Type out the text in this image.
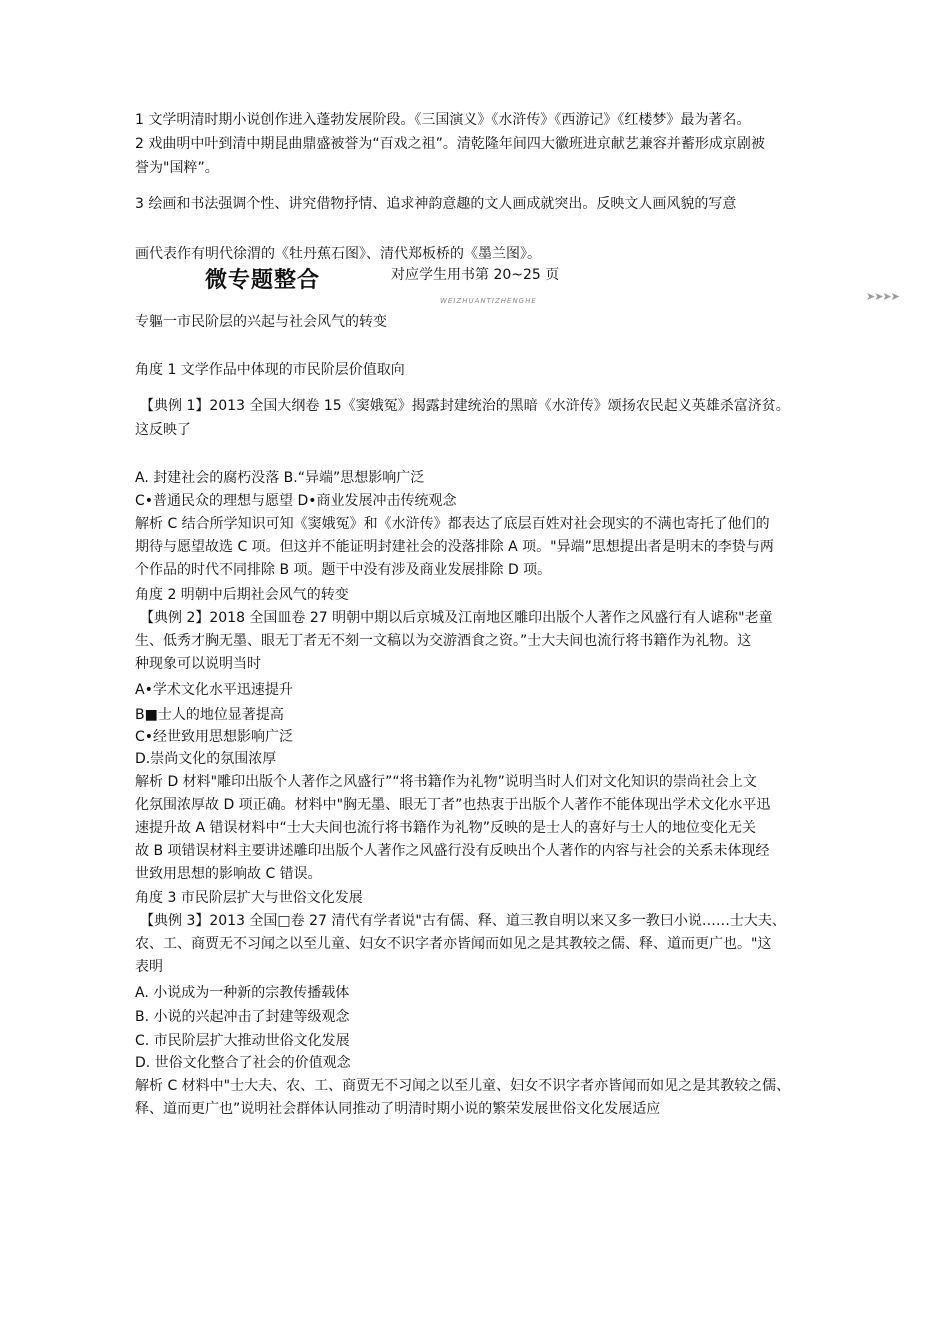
1 文学明清时期小说创作进入蓬勃发展阶段。《三国演义》《水浒传》《西游记》《红楼梦》最为著名。

2 戏曲明中叶到清中期昆曲鼎盛被誉为“百戏之祖”。清乾隆年间四大徽班进京献艺兼容并蓄形成京剧被

誉为"国粹”。

3 绘画和书法强调个性、讲究借物抒情、追求神韵意趣的文人画成就突出。反映文人画风貌的写意

画代表作有明代徐渭的《牡丹蕉石图》、清代郑板桥的《墨兰图》。

微专题整合	对应学生用书第 20~25 页
WEIZHUANTIZHENGHE	➤➤➤➤

专軀一市民阶层的兴起与社会风气的转变

角度 1 文学作品中体现的市民阶层价值取向

【典例 1】2013 全国大纲卷 15《窦娥冤》揭露封建统治的黑暗《水浒传》颂扬农民起义英雄杀富济贫。

这反映了

A. 封建社会的腐朽没落 B.“异端”思想影响广泛

C•普通民众的理想与愿望 D•商业发展冲击传统观念

解析 C 结合所学知识可知《窦娥冤》和《水浒传》都表达了底层百姓对社会现实的不满也寄托了他们的

期待与愿望故选 C 项。但这并不能证明封建社会的没落排除 A 项。"异端”思想提出者是明末的李贽与两

个作品的时代不同排除 B 项。题干中没有涉及商业发展排除 D 项。

角度 2 明朝中后期社会风气的转变

【典例 2】2018 全国皿卷 27 明朝中期以后京城及江南地区雕印出版个人著作之风盛行有人谑称"老童

生、低秀才胸无墨、眼无丁者无不刻一文稿以为交游酒食之资。”士大夫间也流行将书籍作为礼物。这

种现象可以说明当时

A•学术文化水平迅速提升

B■士人的地位显著提高

C•经世致用思想影响广泛

D.崇尚文化的氛围浓厚

解析 D 材料"雕印出版个人著作之风盛行”“将书籍作为礼物”说明当时人们对文化知识的崇尚社会上文

化氛围浓厚故 D 项正确。材料中"胸无墨、眼无丁者”也热衷于出版个人著作不能体现出学术文化水平迅

速提升故 A 错误材料中“士大夫间也流行将书籍作为礼物”反映的是士人的喜好与士人的地位变化无关

故 B 项错误材料主要讲述雕印出版个人著作之风盛行没有反映出个人著作的内容与社会的关系未体现经

世致用思想的影响故 C 错误。

角度 3 市民阶层扩大与世俗文化发展

【典例 3】2013 全国□卷 27 清代有学者说"古有儒、释、道三教自明以来又多一教曰小说……士大夫、

农、工、商贾无不习闻之以至儿童、妇女不识字者亦皆闻而如见之是其教较之儒、释、道而更广也。"这

表明

A. 小说成为一种新的宗教传播载体

B. 小说的兴起冲击了封建等级观念

C. 市民阶层扩大推动世俗文化发展

D. 世俗文化整合了社会的价值观念

解析 C 材料中"士大夫、农、工、商贾无不习闻之以至儿童、妇女不识字者亦皆闻而如见之是其教较之儒、

释、道而更广也”说明社会群体认同推动了明清时期小说的繁荣发展世俗文化发展适应
